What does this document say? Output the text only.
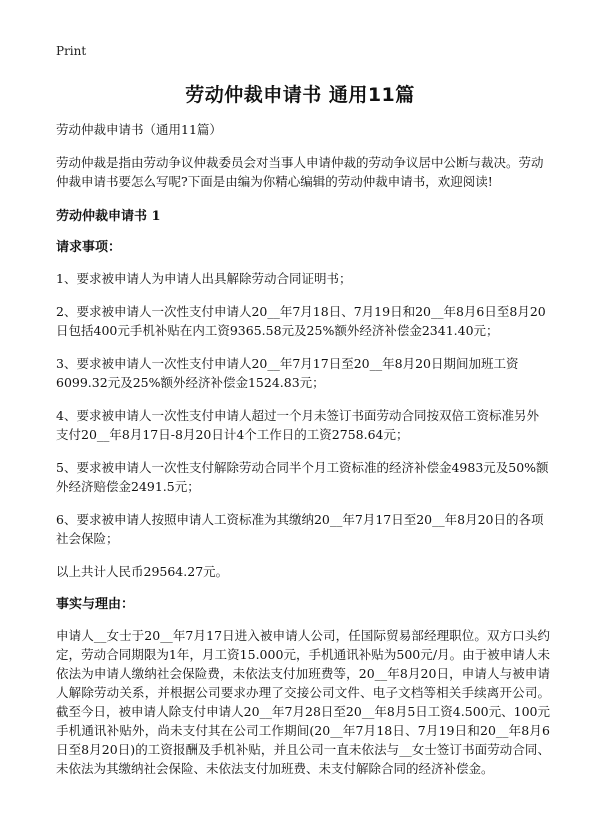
Print
劳动仲裁申请书 通用11篇

劳动仲裁申请书（通用11篇）

劳动仲裁是指由劳动争议仲裁委员会对当事人申请仲裁的劳动争议居中公断与裁决。劳动仲裁申请书要怎么写呢?下面是由编为你精心编辑的劳动仲裁申请书，欢迎阅读!

劳动仲裁申请书 1

请求事项：

1、要求被申请人为申请人出具解除劳动合同证明书；

2、要求被申请人一次性支付申请人20__年7月18日、7月19日和20__年8月6日至8月20日包括400元手机补贴在内工资9365.58元及25%额外经济补偿金2341.40元；

3、要求被申请人一次性支付申请人20__年7月17日至20__年8月20日期间加班工资6099.32元及25%额外经济补偿金1524.83元；

4、要求被申请人一次性支付申请人超过一个月未签订书面劳动合同按双倍工资标准另外支付20__年8月17日-8月20日计4个工作日的工资2758.64元；

5、要求被申请人一次性支付解除劳动合同半个月工资标准的经济补偿金4983元及50%额外经济赔偿金2491.5元；

6、要求被申请人按照申请人工资标准为其缴纳20__年7月17日至20__年8月20日的各项社会保险；

以上共计人民币29564.27元。

事实与理由：

申请人__女士于20__年7月17日进入被申请人公司，任国际贸易部经理职位。双方口头约定，劳动合同期限为1年，月工资15.000元，手机通讯补贴为500元/月。由于被申请人未依法为申请人缴纳社会保险费，未依法支付加班费等，20__年8月20日，申请人与被申请人解除劳动关系，并根据公司要求办理了交接公司文件、电子文档等相关手续离开公司。截至今日，被申请人除支付申请人20__年7月28日至20__年8月5日工资4.500元、100元手机通讯补贴外，尚未支付其在公司工作期间(20__年7月18日、7月19日和20__年8月6日至8月20日)的工资报酬及手机补贴，并且公司一直未依法与__女士签订书面劳动合同、未依法为其缴纳社会保险、未依法支付加班费、未支付解除合同的经济补偿金。
